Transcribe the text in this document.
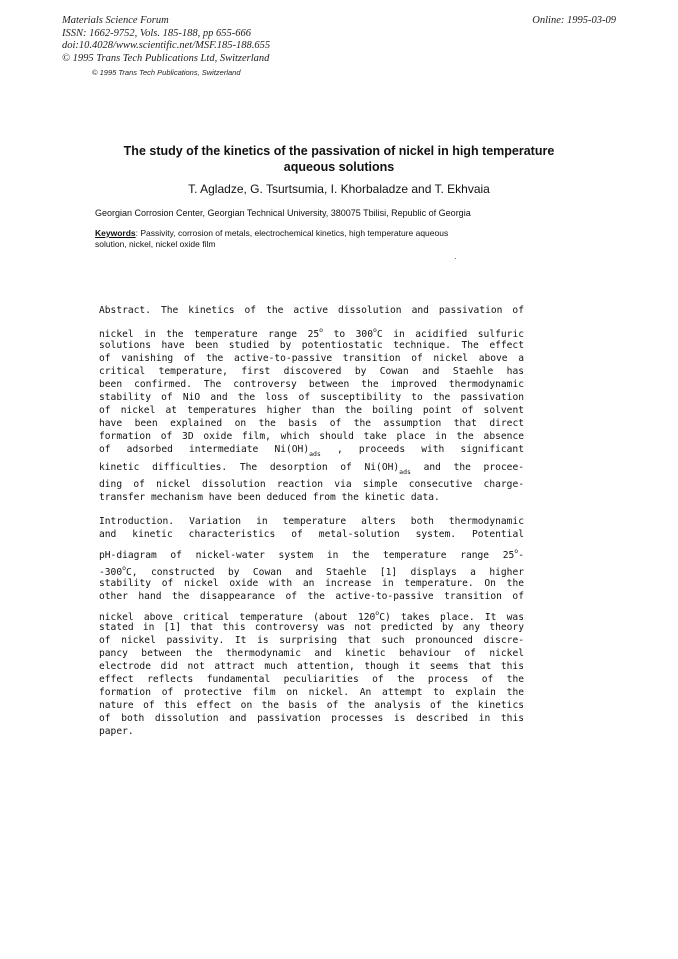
Materials Science Forum
ISSN: 1662-9752, Vols. 185-188, pp 655-666
doi:10.4028/www.scientific.net/MSF.185-188.655
© 1995 Trans Tech Publications Ltd, Switzerland
Online: 1995-03-09
© 1995 Trans Tech Publications, Switzerland
The study of the kinetics of the passivation of nickel in high temperature
aqueous solutions
T. Agladze, G. Tsurtsumia, I. Khorbaladze and T. Ekhvaia
Georgian Corrosion Center, Georgian Technical University, 380075 Tbilisi, Republic of Georgia
Keywords: Passivity, corrosion of metals, electrochemical kinetics, high temperature aqueous
solution, nickel, nickel oxide film
Abstract. The kinetics of the active dissolution and passivation of
nickel in the temperature range 25$^o$ to 300$^o$C in acidified sulfuric
solutions have been studied by potentiostatic technique. The effect
of vanishing of the active-to-passive transition of nickel above a
critical temperature, first discovered by Cowan and Staehle has
been confirmed. The controversy between the improved thermodynamic
stability of NiO and the loss of susceptibility to the passivation
of nickel at temperatures higher than the boiling point of solvent
have been explained on the basis of the assumption that direct
formation of 3D oxide film, which should take place in the absence
of adsorbed intermediate $Ni(OH)_{ads}$ , proceeds with significant
kinetic difficulties. The desorption of $Ni(OH)_{ads}$ and the procee-
ding of nickel dissolution reaction via simple consecutive charge-
transfer mechanism have been deduced from the kinetic data.
Introduction. Variation in temperature alters both thermodynamic
and kinetic characteristics of metal-solution system. Potential
pH-diagram of nickel-water system in the temperature range 25$^o$-
-300$^o$C, constructed by Cowan and Staehle [1] displays a higher
stability of nickel oxide with an increase in temperature. On the
other hand the disappearance of the active-to-passive transition of
nickel above critical temperature (about 120$^o$C) takes place. It was
stated in [1] that this controversy was not predicted by any theory
of nickel passivity. It is surprising that such pronounced discre-
pancy between the thermodynamic and kinetic behaviour of nickel
electrode did not attract much attention, though it seems that this
effect reflects fundamental peculiarities of the process of the
formation of protective film on nickel. An attempt to explain the
nature of this effect on the basis of the analysis of the kinetics
of both dissolution and passivation processes is described in this
paper.
